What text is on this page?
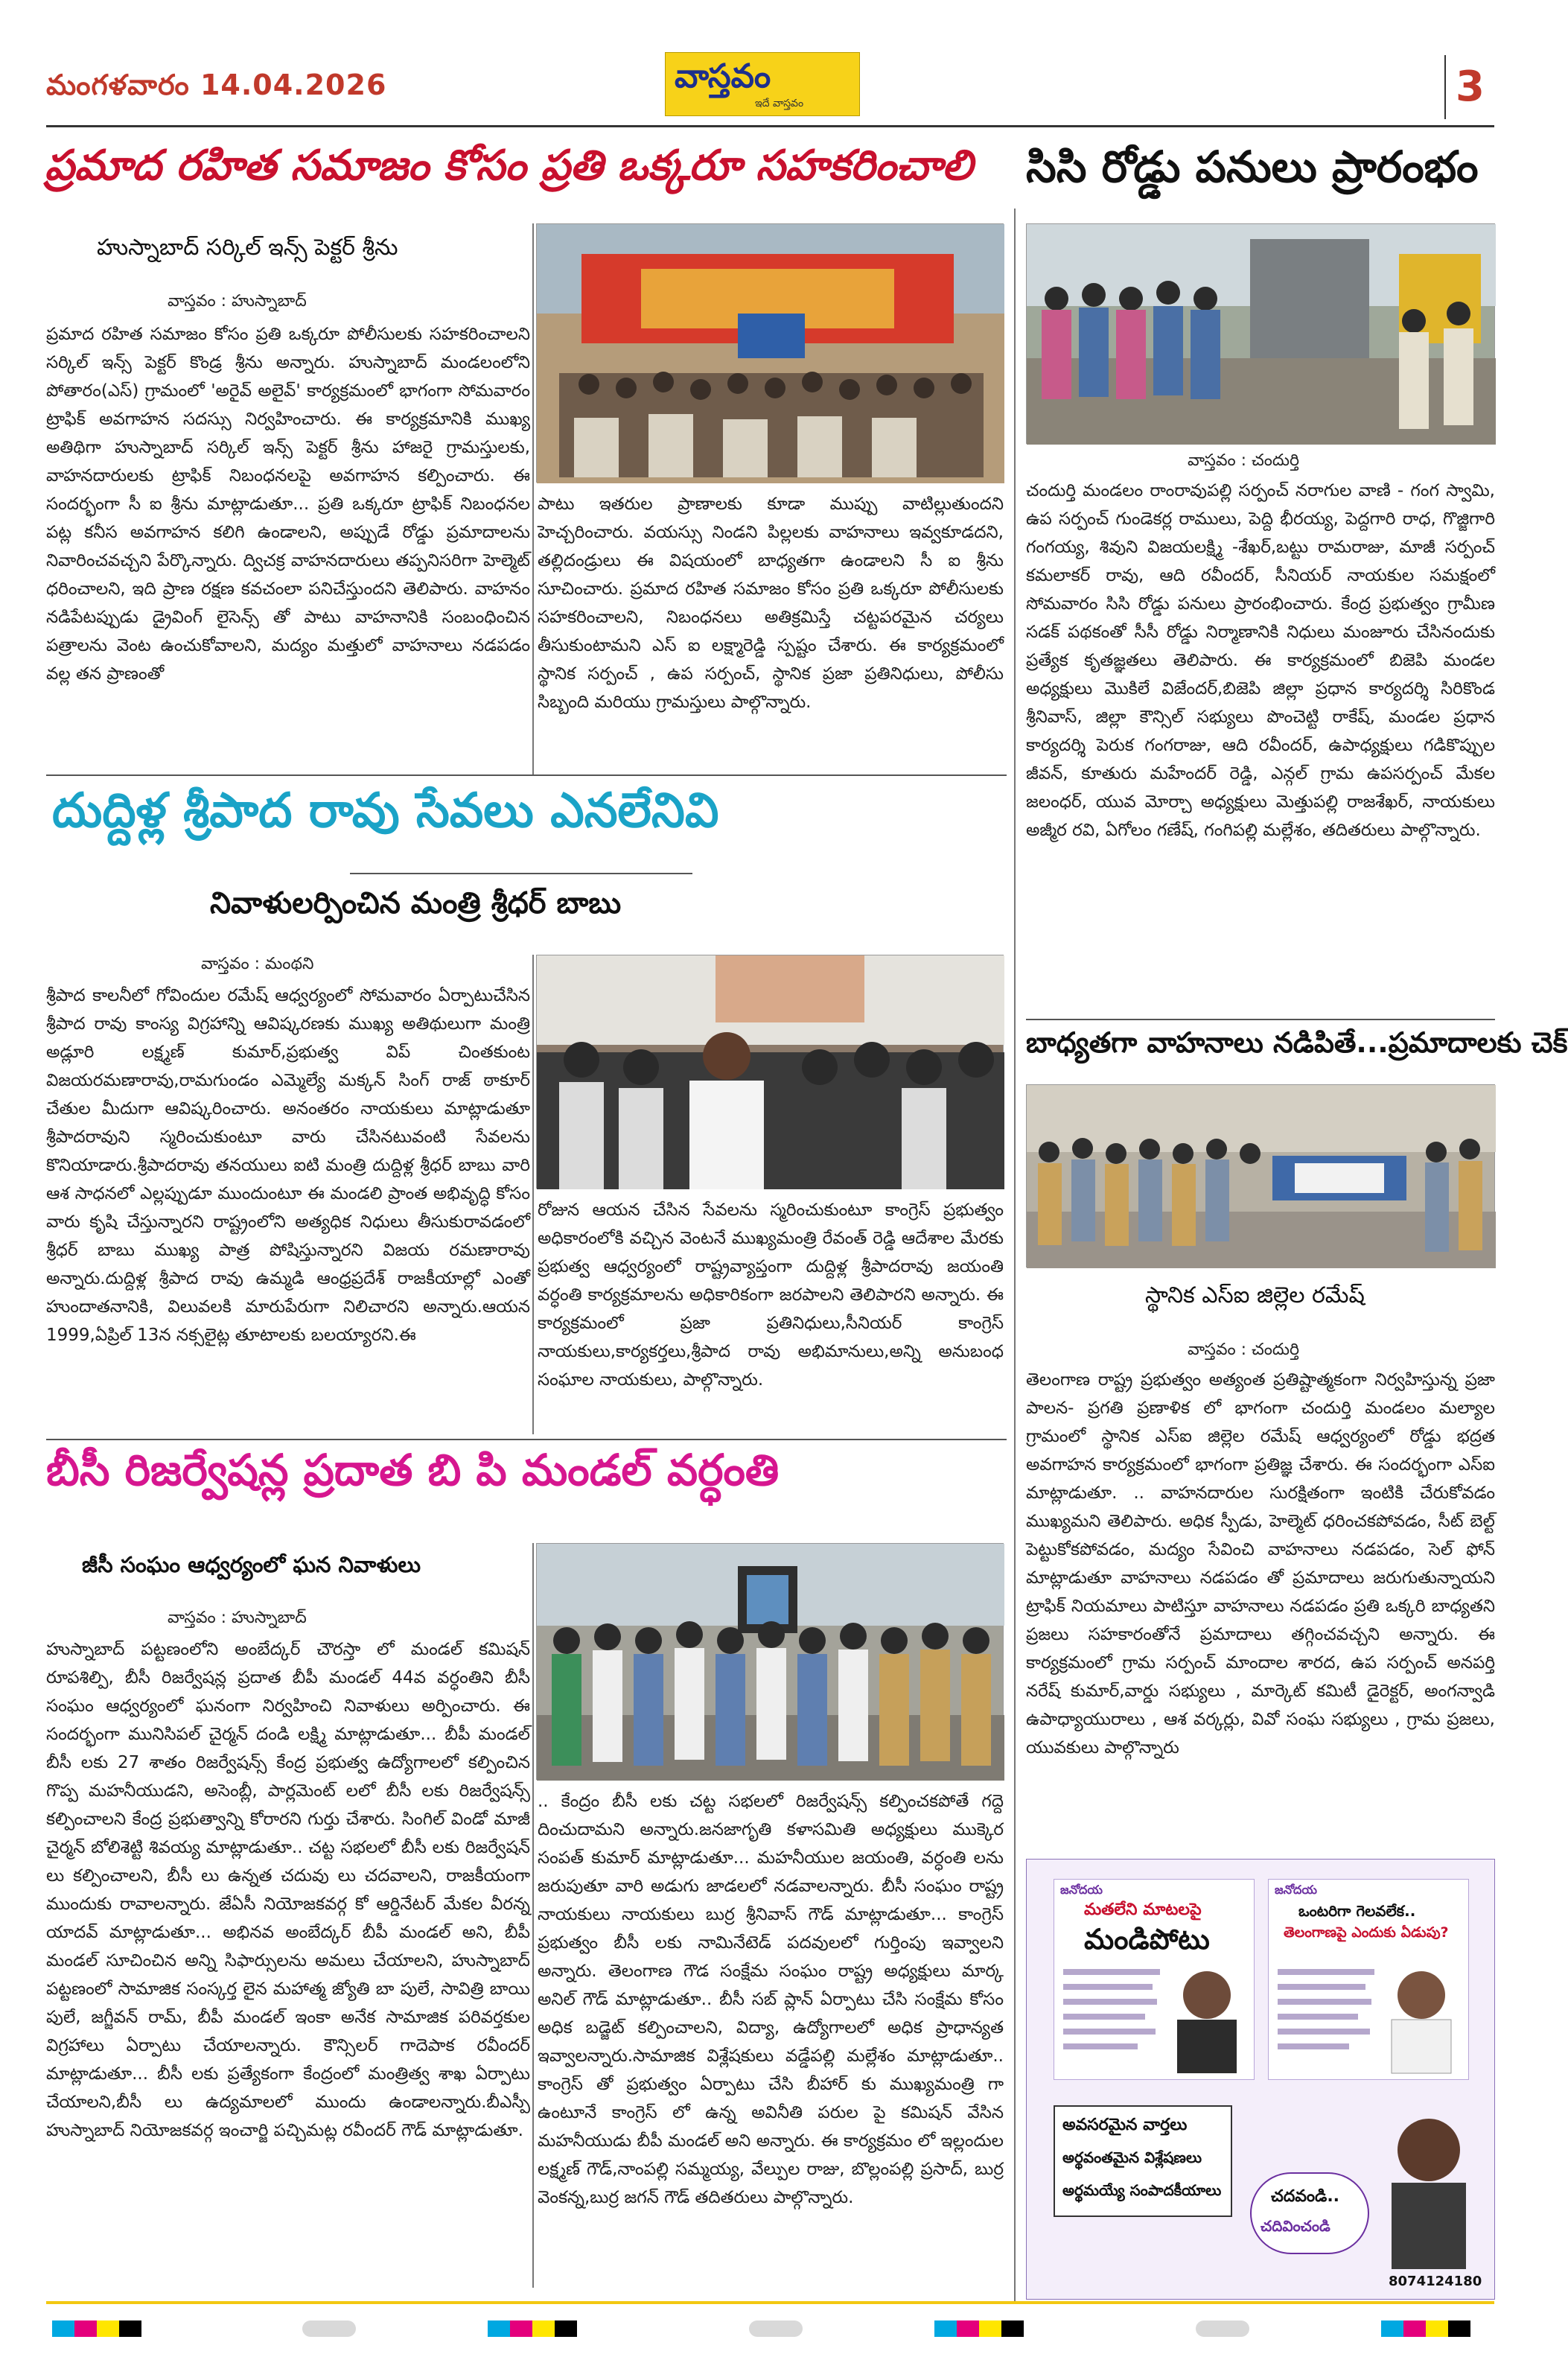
మంగళవారం 14.04.2026	వాస్తవం
ఇదే వాస్తవం	3
ప్రమాద రహిత సమాజం కోసం ప్రతి ఒక్కరూ సహకరించాలి
హుస్నాబాద్ సర్కిల్ ఇన్స్ పెక్టర్ శ్రీను
వాస్తవం : హుస్నాబాద్
ప్రమాద రహిత సమాజం కోసం ప్రతి ఒక్కరూ పోలీసులకు సహకరించాలని సర్కిల్ ఇన్స్ పెక్టర్ కొండ్ర శ్రీను అన్నారు. హుస్నాబాద్ మండలంలోని పోతారం(ఎస్) గ్రామంలో 'అరైవ్ అలైవ్' కార్యక్రమంలో భాగంగా సోమవారం ట్రాఫిక్ అవగాహన సదస్సు నిర్వహించారు. ఈ కార్యక్రమానికి ముఖ్య అతిథిగా హుస్నాబాద్ సర్కిల్ ఇన్స్ పెక్టర్ శ్రీను హాజరై గ్రామస్తులకు, వాహనదారులకు ట్రాఫిక్ నిబంధనలపై అవగాహన కల్పించారు. ఈ సందర్భంగా సీ ఐ శ్రీను మాట్లాడుతూ... ప్రతి ఒక్కరూ ట్రాఫిక్ నిబంధనల పట్ల కనీస అవగాహన కలిగి ఉండాలని, అప్పుడే రోడ్డు ప్రమాదాలను నివారించవచ్చని పేర్కొన్నారు. ద్విచక్ర వాహనదారులు తప్పనిసరిగా హెల్మెట్ ధరించాలని, ఇది ప్రాణ రక్షణ కవచంలా పనిచేస్తుందని తెలిపారు. వాహనం నడిపేటప్పుడు డ్రైవింగ్ లైసెన్స్ తో పాటు వాహనానికి సంబంధించిన పత్రాలను వెంట ఉంచుకోవాలని, మద్యం మత్తులో వాహనాలు నడపడం వల్ల తన ప్రాణంతో
పాటు ఇతరుల ప్రాణాలకు కూడా ముప్పు వాటిల్లుతుందని హెచ్చరించారు. వయస్సు నిండని పిల్లలకు వాహనాలు ఇవ్వకూడదని, తల్లిదండ్రులు ఈ విషయంలో బాధ్యతగా ఉండాలని సీ ఐ శ్రీను సూచించారు. ప్రమాద రహిత సమాజం కోసం ప్రతి ఒక్కరూ పోలీసులకు సహకరించాలని, నిబంధనలు అతిక్రమిస్తే చట్టపరమైన చర్యలు తీసుకుంటామని ఎస్ ఐ లక్ష్మారెడ్డి స్పష్టం చేశారు. ఈ కార్యక్రమంలో స్థానిక సర్పంచ్ , ఉప సర్పంచ్, స్థానిక ప్రజా ప్రతినిధులు, పోలీసు సిబ్బంది మరియు గ్రామస్తులు పాల్గొన్నారు.
సిసి రోడ్డు పనులు ప్రారంభం
వాస్తవం : చందుర్తి
చందుర్తి మండలం రాంరావుపల్లి సర్పంచ్ నరాగుల వాణి - గంగ స్వామి, ఉప సర్పంచ్ గుండెకర్ల రాములు, పెద్ది భీరయ్య, పెద్దగారి రాధ, గొజ్జిగారి గంగయ్య, శివుని విజయలక్ష్మి -శేఖర్,బట్టు రామరాజు, మాజీ సర్పంచ్ కమలాకర్ రావు, ఆది రవీందర్, సీనియర్ నాయకుల సమక్షంలో సోమవారం సిసి రోడ్డు పనులు ప్రారంభించారు. కేంద్ర ప్రభుత్వం గ్రామీణ సడక్ పథకంతో సీసీ రోడ్డు నిర్మాణానికి నిధులు మంజూరు చేసినందుకు ప్రత్యేక కృతజ్ఞతలు తెలిపారు. ఈ కార్యక్రమంలో బిజెపి మండల అధ్యక్షులు మొకిలే విజేందర్,బిజెపి జిల్లా ప్రధాన కార్యదర్శి సిరికొండ శ్రీనివాస్, జిల్లా కౌన్సిల్ సభ్యులు పొంచెట్టి రాకేష్, మండల ప్రధాన కార్యదర్శి పెరుక గంగరాజు, ఆది రవీందర్, ఉపాధ్యక్షులు గడికొప్పుల జీవన్, కూతురు మహేందర్ రెడ్డి, ఎన్గల్ గ్రామ ఉపసర్పంచ్ మేకల జలంధర్, యువ మోర్చా అధ్యక్షులు మెత్తుపల్లి రాజశేఖర్, నాయకులు అజ్మీర రవి, ఏగోలం గణేష్, గంగిపల్లి మల్లేశం, తదితరులు పాల్గొన్నారు.
బాధ్యతగా వాహనాలు నడిపితే...ప్రమాదాలకు చెక్
స్థానిక ఎస్ఐ జిల్లెల రమేష్
వాస్తవం : చందుర్తి
తెలంగాణ రాష్ట్ర ప్రభుత్వం అత్యంత ప్రతిష్టాత్మకంగా నిర్వహిస్తున్న ప్రజా పాలన- ప్రగతి ప్రణాళిక లో భాగంగా చందుర్తి మండలం మల్యాల గ్రామంలో స్థానిక ఎస్ఐ జిల్లెల రమేష్ ఆధ్వర్యంలో రోడ్డు భద్రత అవగాహన కార్యక్రమంలో భాగంగా ప్రతిజ్ఞ చేశారు. ఈ సందర్భంగా ఎస్ఐ మాట్లాడుతూ. .. వాహనదారుల సురక్షితంగా ఇంటికి చేరుకోవడం ముఖ్యమని తెలిపారు. అధిక స్పీడు, హెల్మెట్ ధరించకపోవడం, సీట్ బెల్ట్ పెట్టుకోకపోవడం, మద్యం సేవించి వాహనాలు నడపడం, సెల్ ఫోన్ మాట్లాడుతూ వాహనాలు నడపడం తో ప్రమాదాలు జరుగుతున్నాయని ట్రాఫిక్ నియమాలు పాటిస్తూ వాహనాలు నడపడం ప్రతి ఒక్కరి బాధ్యతని ప్రజలు సహకారంతోనే ప్రమాదాలు తగ్గించవచ్చని అన్నారు. ఈ కార్యక్రమంలో గ్రామ సర్పంచ్ మాందాల శారద, ఉప సర్పంచ్ అనపర్తి నరేష్ కుమార్,వార్డు సభ్యులు , మార్కెట్ కమిటీ డైరెక్టర్, అంగన్వాడి ఉపాధ్యాయురాలు , ఆశ వర్కర్లు, వివో సంఘ సభ్యులు , గ్రామ ప్రజలు, యువకులు పాల్గొన్నారు
జనోదయ
మతలేని మాటలపై
మండిపోటు
జనోదయ
ఒంటరిగా గెలవలేక..
తెలంగాణపై ఎందుకు ఏడుపు?
అవసరమైన వార్తలు
అర్థవంతమైన విశ్లేషణలు
అర్థమయ్యే సంపాదకీయాలు	చదవండి..
చదివించండి
8074124180
దుద్దిళ్ల శ్రీపాద రావు సేవలు ఎనలేనివి
నివాళులర్పించిన మంత్రి శ్రీధర్ బాబు
వాస్తవం : మంథని
శ్రీపాద కాలనీలో గోవిందుల రమేష్ ఆధ్వర్యంలో సోమవారం ఏర్పాటుచేసిన శ్రీపాద రావు కాంస్య విగ్రహాన్ని ఆవిష్కరణకు ముఖ్య అతిథులుగా మంత్రి అడ్లూరి లక్ష్మణ్ కుమార్,ప్రభుత్వ విప్ చింతకుంట విజయరమణారావు,రామగుండం ఎమ్మెల్యే మక్కన్ సింగ్ రాజ్ ఠాకూర్ చేతుల మీదుగా ఆవిష్కరించారు. అనంతరం నాయకులు మాట్లాడుతూ శ్రీపాదరావుని స్మరించుకుంటూ వారు చేసినటువంటి సేవలను కొనియాడారు.శ్రీపాదరావు తనయులు ఐటి మంత్రి దుద్దిళ్ల శ్రీధర్ బాబు వారి ఆశ సాధనలో ఎల్లప్పుడూ ముందుంటూ ఈ మండలి ప్రాంత అభివృద్ధి కోసం వారు కృషి చేస్తున్నారని రాష్ట్రంలోని అత్యధిక నిధులు తీసుకురావడంలో శ్రీధర్ బాబు ముఖ్య పాత్ర పోషిస్తున్నారని విజయ రమణారావు అన్నారు.దుద్దిళ్ల శ్రీపాద రావు ఉమ్మడి ఆంధ్రప్రదేశ్ రాజకీయాల్లో ఎంతో హుందాతనానికి, విలువలకి మారుపేరుగా నిలిచారని అన్నారు.ఆయన 1999,ఏప్రిల్ 13న నక్సలైట్ల తూటాలకు బలయ్యారని.ఈ
రోజున ఆయన చేసిన సేవలను స్మరించుకుంటూ కాంగ్రెస్ ప్రభుత్వం అధికారంలోకి వచ్చిన వెంటనే ముఖ్యమంత్రి రేవంత్ రెడ్డి ఆదేశాల మేరకు ప్రభుత్వ ఆధ్వర్యంలో రాష్ట్రవ్యాప్తంగా దుద్దిళ్ల శ్రీపాదరావు జయంతి వర్ధంతి కార్యక్రమాలను అధికారికంగా జరపాలని తెలిపారని అన్నారు. ఈ కార్యక్రమంలో ప్రజా ప్రతినిధులు,సీనియర్ కాంగ్రెస్ నాయకులు,కార్యకర్తలు,శ్రీపాద రావు అభిమానులు,అన్ని అనుబంధ సంఘాల నాయకులు, పాల్గొన్నారు.
బీసీ రిజర్వేషన్ల ప్రదాత బి పి మండల్ వర్ధంతి
జీసీ సంఘం ఆధ్వర్యంలో ఘన నివాళులు
వాస్తవం : హుస్నాబాద్
హుస్నాబాద్ పట్టణంలోని అంబేద్కర్ చౌరస్తా లో మండల్ కమిషన్ రూపశిల్పి, బీసీ రిజర్వేషన్ల ప్రదాత బీపీ మండల్ 44వ వర్ధంతిని బీసీ సంఘం ఆధ్వర్యంలో ఘనంగా నిర్వహించి నివాళులు అర్పించారు. ఈ సందర్భంగా మునిసిపల్ చైర్మన్ దండి లక్ష్మి మాట్లాడుతూ... బీపీ మండల్ బీసీ లకు 27 శాతం రిజర్వేషన్స్ కేంద్ర ప్రభుత్వ ఉద్యోగాలలో కల్పించిన గొప్ప మహనీయుడని, అసెంబ్లీ, పార్లమెంట్ లలో బీసీ లకు రిజర్వేషన్స్ కల్పించాలని కేంద్ర ప్రభుత్వాన్ని కోరారని గుర్తు చేశారు. సింగిల్ విండో మాజీ చైర్మన్ బోలిశెట్టి శివయ్య మాట్లాడుతూ.. చట్ట సభలలో బీసీ లకు రిజర్వేషన్ లు కల్పించాలని, బీసీ లు ఉన్నత చదువు లు చదవాలని, రాజకీయంగా ముందుకు రావాలన్నారు. జేఏసీ నియోజకవర్గ కో ఆర్డినేటర్ మేకల వీరన్న యాదవ్ మాట్లాడుతూ... అభినవ అంబేద్కర్ బీపీ మండల్ అని, బీపీ మండల్ సూచించిన అన్ని సిఫార్సులను అమలు చేయాలని, హుస్నాబాద్ పట్టణంలో సామాజిక సంస్కర్త లైన మహాత్మ జ్యోతి బా పులే, సావిత్రి బాయి పులే, జగ్జీవన్ రామ్, బీపీ మండల్ ఇంకా అనేక సామాజిక పరివర్తకుల విగ్రహాలు ఏర్పాటు చేయాలన్నారు. కౌన్సిలర్ గాదెపాక రవీందర్ మాట్లాడుతూ... బీసీ లకు ప్రత్యేకంగా కేంద్రంలో మంత్రిత్వ శాఖ ఏర్పాటు చేయాలని,బీసీ లు ఉద్యమాలలో ముందు ఉండాలన్నారు.బీఎస్పీ హుస్నాబాద్ నియోజకవర్గ ఇంచార్జి పచ్చిమట్ల రవీందర్ గౌడ్ మాట్లాడుతూ.
.. కేంద్రం బీసీ లకు చట్ట సభలలో రిజర్వేషన్స్ కల్పించకపోతే గద్దె దించుదామని అన్నారు.జనజాగృతి కళాసమితి అధ్యక్షులు ముక్కెర సంపత్ కుమార్ మాట్లాడుతూ... మహనీయుల జయంతి, వర్ధంతి లను జరుపుతూ వారి అడుగు జాడలలో నడవాలన్నారు. బీసీ సంఘం రాష్ట్ర నాయకులు నాయకులు బుర్ర శ్రీనివాస్ గౌడ్ మాట్లాడుతూ... కాంగ్రెస్ ప్రభుత్వం బీసీ లకు నామినేటెడ్ పదవులలో గుర్తింపు ఇవ్వాలని అన్నారు. తెలంగాణ గౌడ సంక్షేమ సంఘం రాష్ట్ర అధ్యక్షులు మార్క అనిల్ గౌడ్ మాట్లాడుతూ.. బీసీ సబ్ ప్లాన్ ఏర్పాటు చేసి సంక్షేమ కోసం అధిక బడ్జెట్ కల్పించాలని, విద్యా, ఉద్యోగాలలో అధిక ప్రాధాన్యత ఇవ్వాలన్నారు.సామాజిక విశ్లేషకులు వడ్డేపల్లి మల్లేశం మాట్లాడుతూ.. కాంగ్రెస్ తో ప్రభుత్వం ఏర్పాటు చేసి బీహార్ కు ముఖ్యమంత్రి గా ఉంటూనే కాంగ్రెస్ లో ఉన్న అవినీతి పరుల పై కమిషన్ వేసిన మహనీయుడు బీపీ మండల్ అని అన్నారు. ఈ కార్యక్రమం లో ఇల్లందుల లక్ష్మణ్ గౌడ్,నాంపల్లి సమ్మయ్య, వేల్పుల రాజు, బొల్లంపల్లి ప్రసాద్, బుర్ర వెంకన్న,బుర్ర జగన్ గౌడ్ తదితరులు పాల్గొన్నారు.
